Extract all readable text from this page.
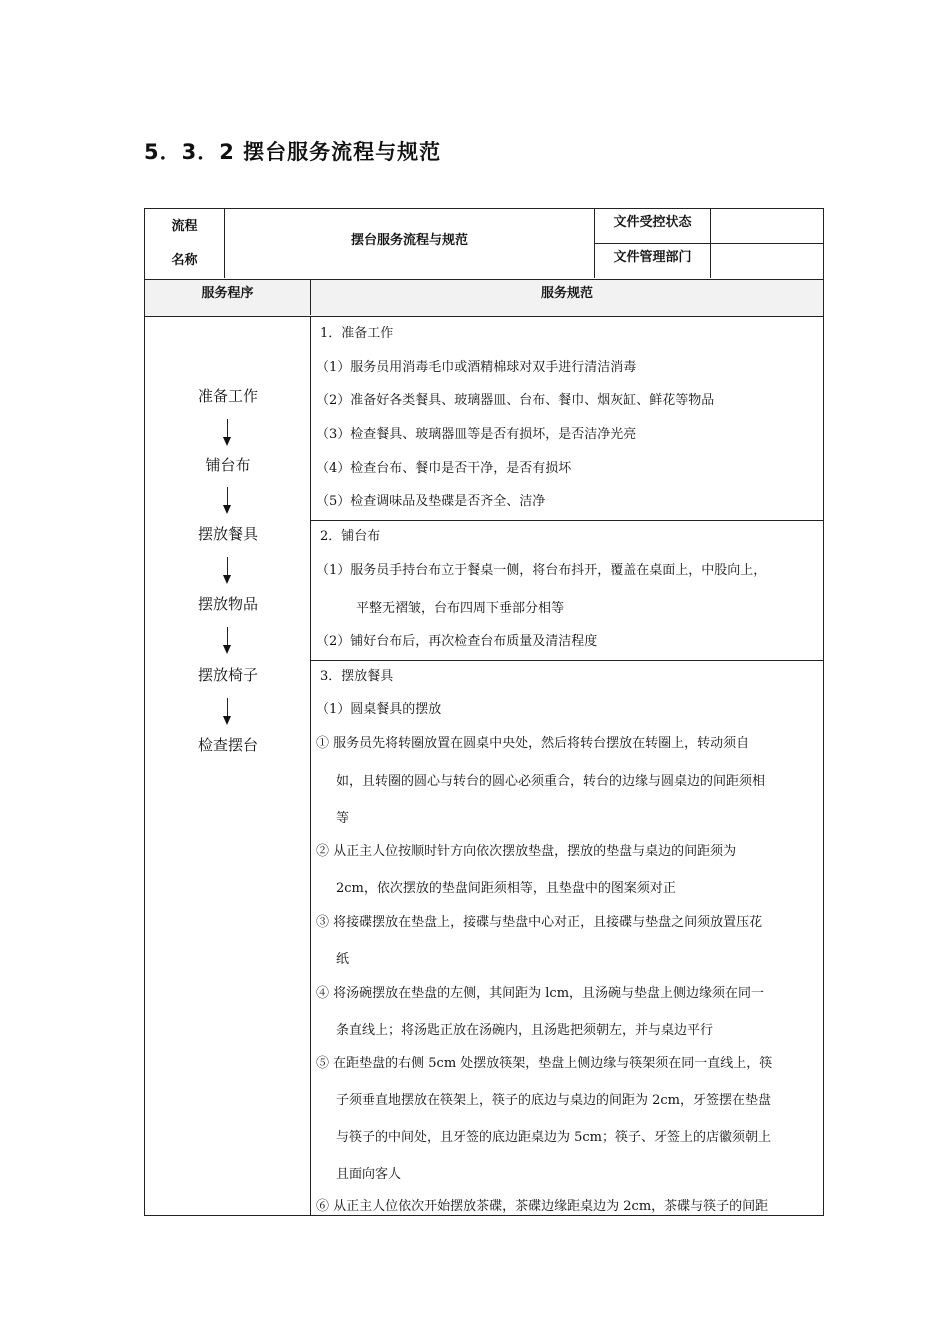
5．3．2 摆台服务流程与规范
流程
名称
摆台服务流程与规范
文件受控状态
文件管理部门
服务程序	服务规范
准备工作
铺台布
摆放餐具
摆放物品
摆放椅子
检查摆台
1．准备工作
（1）服务员用消毒毛巾或酒精棉球对双手进行清洁消毒
（2）准备好各类餐具、玻璃器皿、台布、餐巾、烟灰缸、鲜花等物品
（3）检查餐具、玻璃器皿等是否有损坏，是否洁净光亮
（4）检查台布、餐巾是否干净，是否有损坏
（5）检查调味品及垫碟是否齐全、洁净
2．铺台布
（1）服务员手持台布立于餐桌一侧，将台布抖开，覆盖在桌面上，中股向上，
平整无褶皱，台布四周下垂部分相等
（2）铺好台布后，再次检查台布质量及清洁程度
3．摆放餐具
（1）圆桌餐具的摆放
① 服务员先将转圈放置在圆桌中央处，然后将转台摆放在转圈上，转动须自
如，且转圈的圆心与转台的圆心必须重合，转台的边缘与圆桌边的间距须相
等
② 从正主人位按顺时针方向依次摆放垫盘，摆放的垫盘与桌边的间距须为
2cm，依次摆放的垫盘间距须相等，且垫盘中的图案须对正
③ 将接碟摆放在垫盘上，接碟与垫盘中心对正，且接碟与垫盘之间须放置压花
纸
④ 将汤碗摆放在垫盘的左侧，其间距为 lcm，且汤碗与垫盘上侧边缘须在同一
条直线上；将汤匙正放在汤碗内，且汤匙把须朝左，并与桌边平行
⑤ 在距垫盘的右侧 5cm 处摆放筷架，垫盘上侧边缘与筷架须在同一直线上，筷
子须垂直地摆放在筷架上，筷子的底边与桌边的间距为 2cm，牙签摆在垫盘
与筷子的中间处，且牙签的底边距桌边为 5cm；筷子、牙签上的店徽须朝上
且面向客人
⑥ 从正主人位依次开始摆放茶碟，茶碟边缘距桌边为 2cm，茶碟与筷子的间距
